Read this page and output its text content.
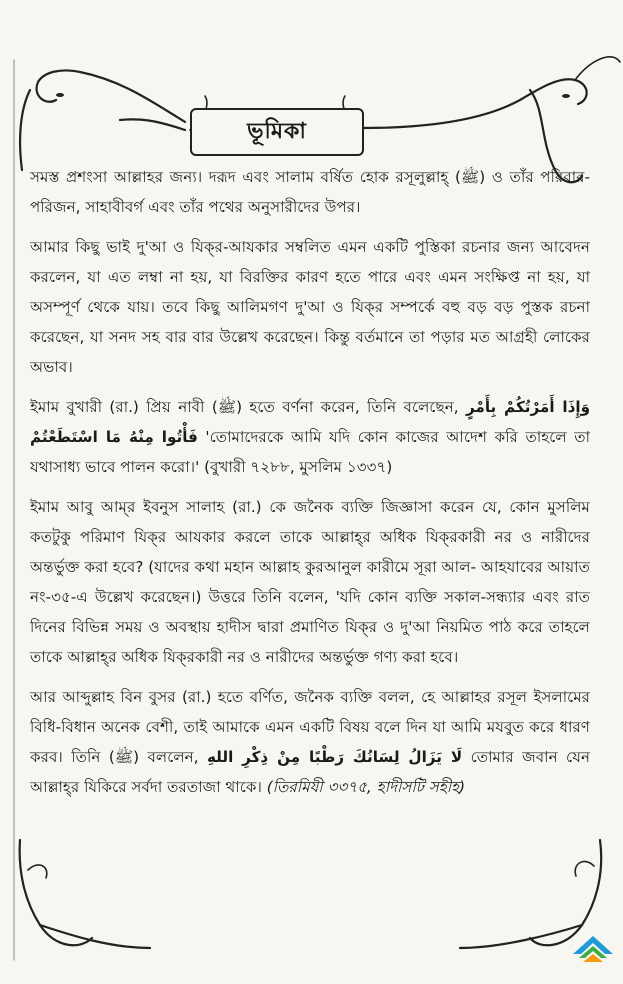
ভূমিকা

সমস্ত প্রশংসা আল্লাহর জন্য। দরূদ এবং সালাম বর্ষিত হোক রসূলুল্লাহ্ (ﷺ) ও তাঁর পরিবার-পরিজন, সাহাবীবর্গ এবং তাঁর পথের অনুসারীদের উপর।

আমার কিছু ভাই দু'আ ও যিক্‌র-আযকার সম্বলিত এমন একটি পুস্তিকা রচনার জন্য আবেদন করলেন, যা এত লম্বা না হয়, যা বিরক্তির কারণ হতে পারে এবং এমন সংক্ষিপ্ত না হয়, যা অসম্পূর্ণ থেকে যায়। তবে কিছু আলিমগণ দু'আ ও যিক্‌র সম্পর্কে বহু বড় বড় পুস্তক রচনা করেছেন, যা সনদ সহ বার বার উল্লেখ করেছেন। কিন্তু বর্তমানে তা পড়ার মত আগ্রহী লোকের অভাব।

ইমাম বুখারী (রা.) প্রিয় নাবী (ﷺ) হতে বর্ণনা করেন, তিনি বলেছেন, وَإِذَا أَمَرْتُكُمْ بِأَمْرٍ فَأْتُوا مِنْهُ مَا اسْتَطَعْتُمْ 'তোমাদেরকে আমি যদি কোন কাজের আদেশ করি তাহলে তা যথাসাধ্য ভাবে পালন করো।' (বুখারী ৭২৮৮, মুসলিম ১৩৩৭)

ইমাম আবু আম্‌র ইবনুস সালাহ (রা.) কে জনৈক ব্যক্তি জিজ্ঞাসা করেন যে, কোন মুসলিম কতটুকু পরিমাণ যিক্‌র আযকার করলে তাকে আল্লাহ্‌র অধিক যিক্‌রকারী নর ও নারীদের অন্তর্ভুক্ত করা হবে? (যাদের কথা মহান আল্লাহ কুরআনুল কারীমে সূরা আল- আহযাবের আয়াত নং-৩৫-এ উল্লেখ করেছেন।) উত্তরে তিনি বলেন, 'যদি কোন ব্যক্তি সকাল-সন্ধ্যার এবং রাত দিনের বিভিন্ন সময় ও অবস্থায় হাদীস দ্বারা প্রমাণিত যিক্‌র ও দু'আ নিয়মিত পাঠ করে তাহলে তাকে আল্লাহ্‌র অধিক যিক্‌রকারী নর ও নারীদের অন্তর্ভুক্ত গণ্য করা হবে।

আর আব্দুল্লাহ বিন বুসর (রা.) হতে বর্ণিত, জনৈক ব্যক্তি বলল, হে আল্লাহর রসূল ইসলামের বিধি-বিধান অনেক বেশী, তাই আমাকে এমন একটি বিষয় বলে দিন যা আমি মযবুত করে ধারণ করব। তিনি (ﷺ) বললেন, لَا يَزَالُ لِسَانُكَ رَطْبًا مِنْ ذِكْرِ اللهِ তোমার জবান যেন আল্লাহ্‌র যিকিরে সর্বদা তরতাজা থাকে। (তিরমিযী ৩৩৭৫, হাদীসটি সহীহ)
